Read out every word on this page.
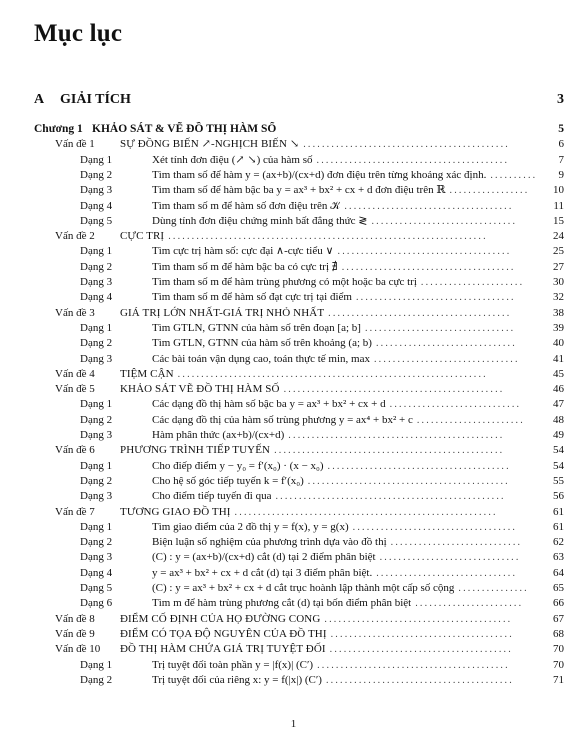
Mục lục
A	GIẢI TÍCH	3
Chương 1 KHẢO SÁT & VẼ ĐỒ THỊ HÀM SỐ	5
Vấn đề 1 SỰ ĐỒNG BIẾN ↗-NGHỊCH BIẾN ↘ ............................................	6
Dạng 1	Xét tính đơn điệu (↗ ↘) của hàm số .........................................	7
Dạng 2	Tìm tham số để hàm y = (ax+b)/(cx+d) đơn điệu trên từng khoảng xác định. ..........	9
Dạng 3	Tìm tham số để hàm bậc ba y = ax³ + bx² + cx + d đơn điệu trên ℝ .................	10
Dạng 4	Tìm tham số m để hàm số đơn điệu trên 𝒦 ....................................	11
Dạng 5	Dùng tính đơn điệu chứng minh bất đẳng thức ≷ ...............................	15
Vấn đề 2 CỰC TRỊ ....................................................................	24
Dạng 1	Tìm cực trị hàm số: cực đại ∧-cực tiểu ∨ .....................................	25
Dạng 2	Tìm tham số m để hàm bậc ba có cực trị ∄ .....................................	27
Dạng 3	Tìm tham số m để hàm trùng phương có một hoặc ba cực trị ......................	30
Dạng 4	Tìm tham số m để hàm số đạt cực trị tại điểm ..................................	32
Vấn đề 3 GIÁ TRỊ LỚN NHẤT-GIÁ TRỊ NHỎ NHẤT .......................................	38
Dạng 1	Tìm GTLN, GTNN của hàm số trên đoạn [a; b] ................................	39
Dạng 2	Tìm GTLN, GTNN của hàm số trên khoảng (a; b) ..............................	40
Dạng 3	Các bài toán vận dụng cao, toán thực tế min, max ...............................	41
Vấn đề 4 TIỆM CẬN ..................................................................	45
Vấn đề 5 KHẢO SÁT VẼ ĐỒ THỊ HÀM SỐ ...............................................	46
Dạng 1	Các dạng đồ thị hàm số bậc ba y = ax³ + bx² + cx + d ............................	47
Dạng 2	Các dạng đồ thị của hàm số trùng phương y = ax⁴ + bx² + c .......................	48
Dạng 3	Hàm phân thức (ax+b)/(cx+d) ..............................................	49
Vấn đề 6 PHƯƠNG TRÌNH TIẾP TUYẾN .................................................	54
Dạng 1	Cho điếp điểm y − y₀ = f′(x₀) · (x − x₀) .......................................	54
Dạng 2	Cho hệ số góc tiếp tuyến k = f′(x₀) ...........................................	55
Dạng 3	Cho điểm tiếp tuyến đi qua .................................................	56
Vấn đề 7 TƯƠNG GIAO ĐỒ THỊ ........................................................	61
Dạng 1	Tìm giao điểm của 2 đồ thị y = f(x), y = g(x) ...................................	61
Dạng 2	Biện luận số nghiệm của phương trình dựa vào đồ thị ............................	62
Dạng 3	(C) : y = (ax+b)/(cx+d) cắt (d) tại 2 điểm phân biệt ..............................	63
Dạng 4	y = ax³ + bx² + cx + d cắt (d) tại 3 điểm phân biệt. ..............................	64
Dạng 5	(C) : y = ax³ + bx² + cx + d cắt trục hoành lập thành một cấp số cộng ...............	65
Dạng 6	Tìm m để hàm trùng phương cắt (d) tại bốn điểm phân biệt .......................	66
Vấn đề 8 ĐIỂM CỐ ĐỊNH CỦA HỌ ĐƯỜNG CONG ........................................	67
Vấn đề 9 ĐIỂM CÓ TỌA ĐỘ NGUYÊN CỦA ĐỒ THỊ .......................................	68
Vấn đề 10 ĐỒ THỊ HÀM CHỨA GIÁ TRỊ TUYỆT ĐỐI .......................................	70
Dạng 1	Trị tuyệt đối toàn phần y = |f(x)| (C′) .........................................	70
Dạng 2	Trị tuyệt đối của riêng x: y = f(|x|) (C′) ........................................	71
1
